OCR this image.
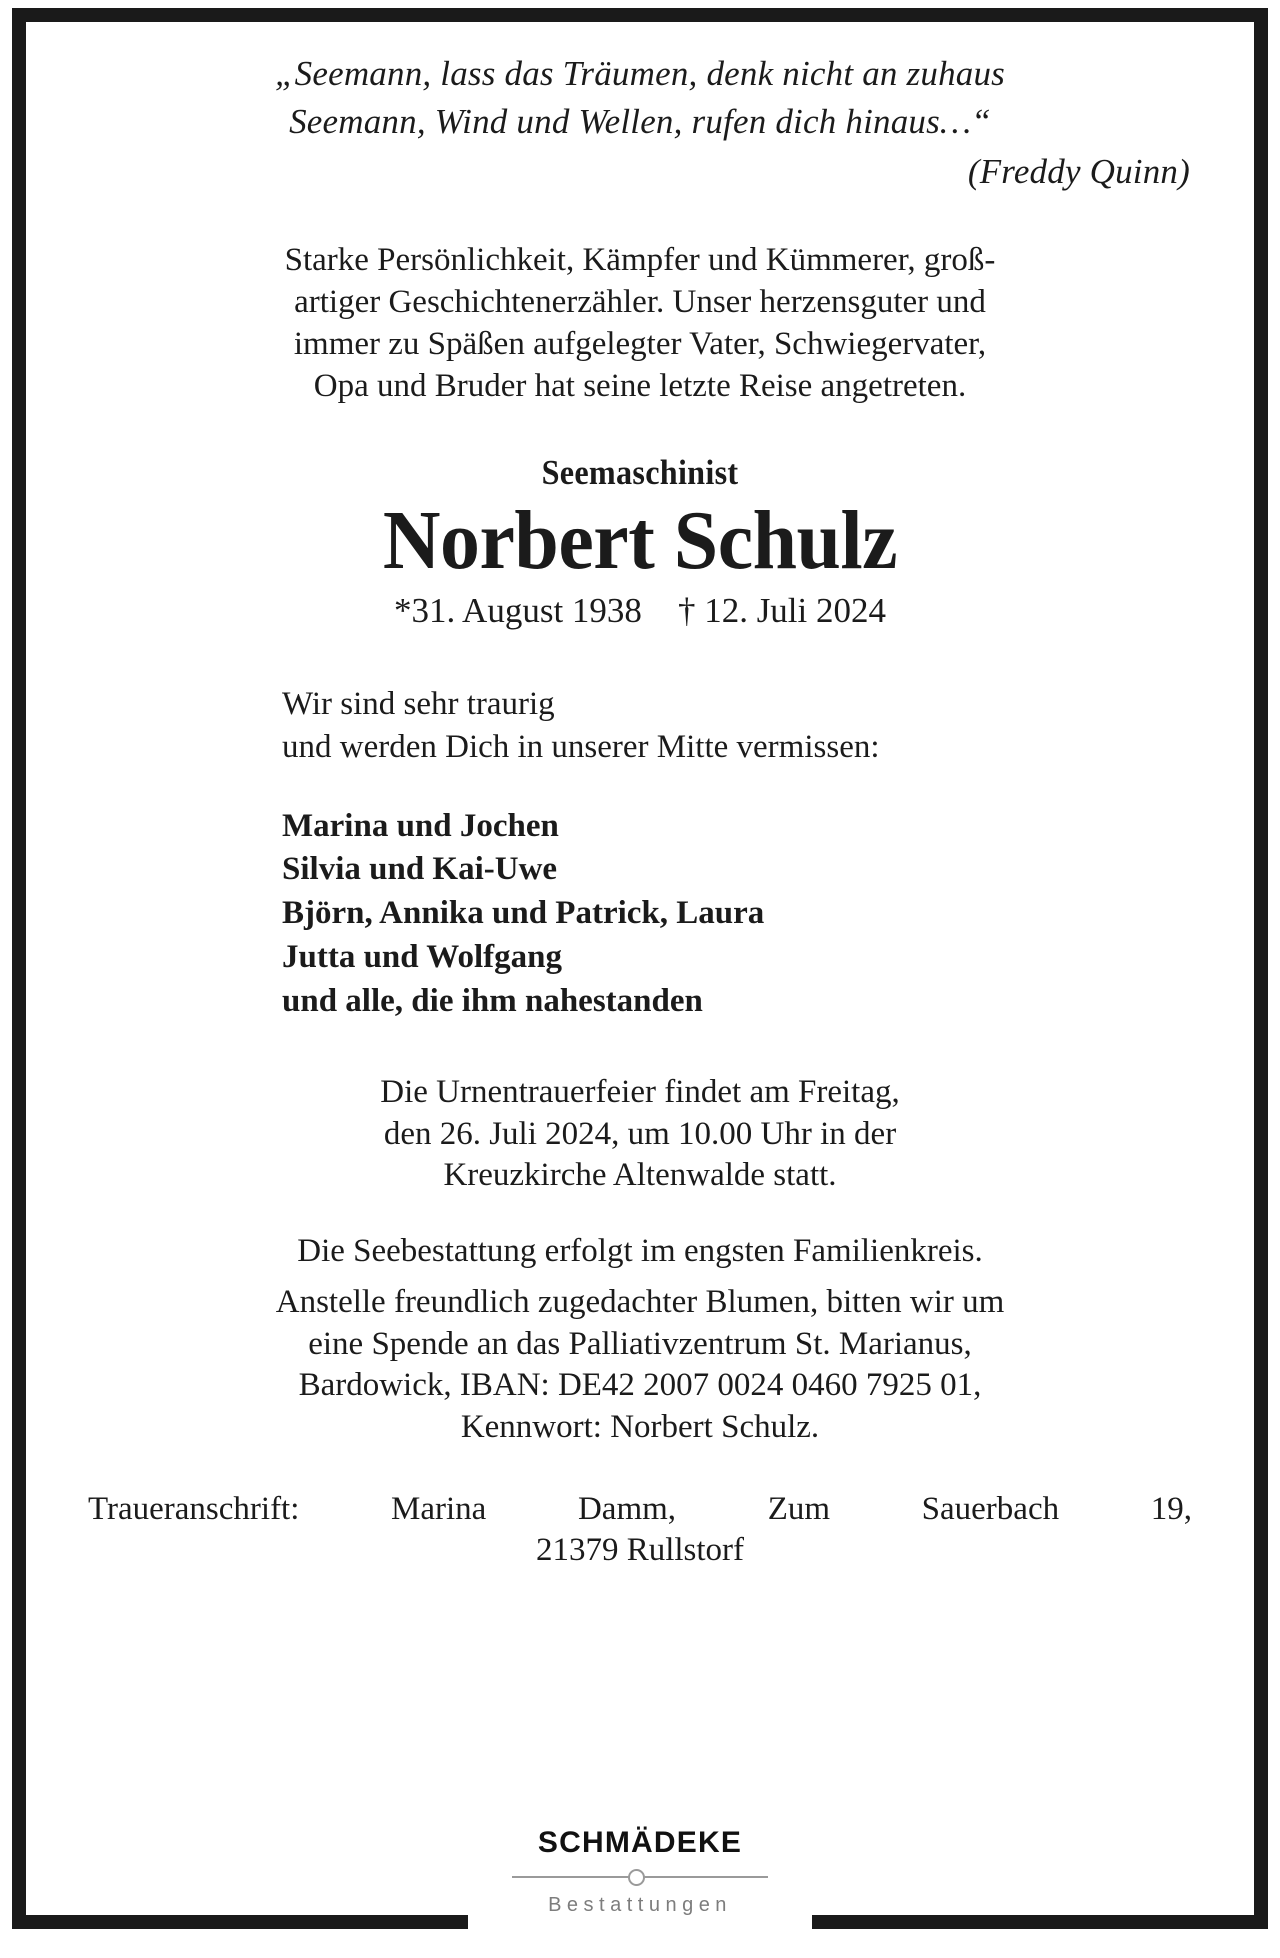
„Seemann, lass das Träumen, denk nicht an zuhaus
Seemann, Wind und Wellen, rufen dich hinaus…“
(Freddy Quinn)
Starke Persönlichkeit, Kämpfer und Kümmerer, groß-
artiger Geschichtenerzähler. Unser herzensguter und
immer zu Späßen aufgelegter Vater, Schwiegervater,
Opa und Bruder hat seine letzte Reise angetreten.
Seemaschinist
Norbert Schulz
*31. August 1938 † 12. Juli 2024
Wir sind sehr traurig
und werden Dich in unserer Mitte vermissen:
Marina und Jochen
Silvia und Kai-Uwe
Björn, Annika und Patrick, Laura
Jutta und Wolfgang
und alle, die ihm nahestanden
Die Urnentrauerfeier findet am Freitag,
den 26. Juli 2024, um 10.00 Uhr in der
Kreuzkirche Altenwalde statt.
Die Seebestattung erfolgt im engsten Familienkreis.
Anstelle freundlich zugedachter Blumen, bitten wir um
eine Spende an das Palliativzentrum St. Marianus,
Bardowick, IBAN: DE42 2007 0024 0460 7925 01,
Kennwort: Norbert Schulz.
Traueranschrift: Marina Damm, Zum Sauerbach 19,
21379 Rullstorf
SCHMÄDEKE
Bestattungen
